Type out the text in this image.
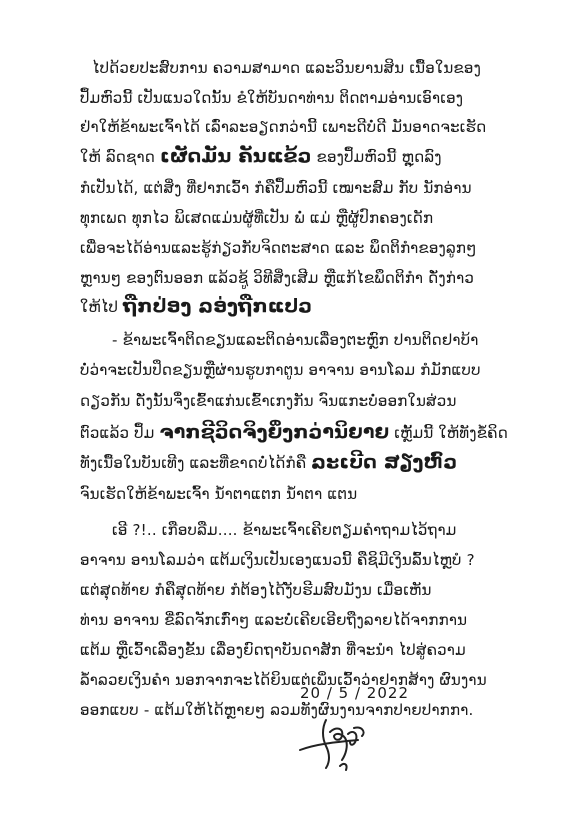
ໄປດ້ວຍປະສົບການ ຄວາມສາມາດ ແລະວິນຍານສິນ ເນື້ອໃນຂອງ
ປຶ້ມຫົວນີ້ ເປັນແນວໃດນັ້ນ ຂໍໃຫ້ບັນດາທ່ານ ຕິດຕາມອ່ານເອົາເອງ
ຢ່າໃຫ້ຂ້າພະເຈົ້າໄດ້ ເລົ່າລະອຽດກວ່ານີ້ ເພາະດີບໍ່ດີ ມັນອາດຈະເຮັດ
ໃຫ້ ລົດຊາດ ເຜັດມັນ ຄັນແຂ້ວ ຂອງປຶ້ມຫົວນີ້ ຫຼຸດລົງ
ກໍເປັນໄດ້, ແຕ່ສິ່ງ ທີ່ຢາກເວົ້າ ກໍຄືປຶ້ມຫົວນີ້ ເໝາະສົມ ກັບ ນັກອ່ານ
ທຸກເພດ ທຸກໄວ ພິເສດແມ່ນຜູ້ທີ່ເປັນ ພໍ່ ແມ່ ຫຼືຜູ້ປົກຄອງເດັກ
ເພື່ອຈະໄດ້ອ່ານແລະຮູ້ກ່ຽວກັບຈິດຕະສາດ ແລະ ພຶດຕິກຳຂອງລູກໆ
ຫຼານໆ ຂອງຕົນອອກ ແລ້ວຊູ້ ວິທີສິ່ງເສີມ ຫຼືແກ້ໄຂພຶດຕິກຳ ດັ່ງກ່າວ
ໃຫ້ໄປ ຖືກປ່ອງ ລອ່ງຖືກແປວ
- ຂ້າພະເຈົ້າຕິດຂຽນແລະຕິດອ່ານເລື່ອງຕະຫຼົກ ປານຕິດຢາບ້າ
ບໍ່ວ່າຈະເປັນປຶດຂຽນຫຼືຜ່ານຮູບກາຕູນ ອາຈານ ອານໂລມ ກໍມັກແບບ
ດຽວກັນ ດັ່ງນັ້ນຈຶ່ງເຂົ້າແກ່ນເຂົ້າເກງກັນ ຈົນແກະບໍ່ອອກໃນສ່ວນ
ຕົວແລ້ວ ປຶ້ມ ຈາກຊີວິດຈິງຍິ່ງກວ່ານິຍາຍ ເຫຼັ້ມນີ້ ໃຫ້ທັງຂໍ້ຄິດ
ທັງເນື້ອໃນບັນເທີງ ແລະທີ່ຂາດບໍ່ໄດ້ກໍຄື ລະເບີດ ສຽງຫົວ
ຈົນເຮັດໃຫ້ຂ້າພະເຈົ້າ ນ້ຳຕາແຕກ ນ້ຳຕາ ແຕນ
ເອີ ?!.. ເກືອບລືມ.... ຂ້າພະເຈົ້າເຄີຍຕຽມຄຳຖາມໄວ້ຖາມ
ອາຈານ ອານໂລມວ່າ ແຕ້ມເງິນເປັນເອງແນວນີ້ ຄືຊິມີເງິນລົ້ນໄຫຼບໍ ?
ແຕ່ສຸດທ້າຍ ກໍຄືສຸດທ້າຍ ກໍຕ້ອງໄດ້ງັບຮີມສົບມັງນ ເມື່ອເຫັນ
ທ່ານ ອາຈານ ຂີ່ລົດຈັກເກົ່າໆ ແລະບໍ່ເຄີຍເອີຍຖືງລາຍໄດ້ຈາກການ
ແຕ້ມ ຫຼືເວົ້າເລື່ອງຂັ້ນ ເລື່ອງຍົດຖາບັນດາສັກ ທີ່ຈະນຳ ໄປສູ່ຄວາມ
ລ້ຳລວຍເງິນຄຳ ນອກຈາກຈະໄດ້ຍິນແຕ່ເພິ່ນເວົ້າວ່າຢາກສ້າງ ຜົນງານ
ອອກແບບ - ແຕ້ມໃຫ້ໄດ້ຫຼາຍໆ ລວມທັງຜົນງານຈາກປາຍປາກກາ.
20 / 5 / 2022
